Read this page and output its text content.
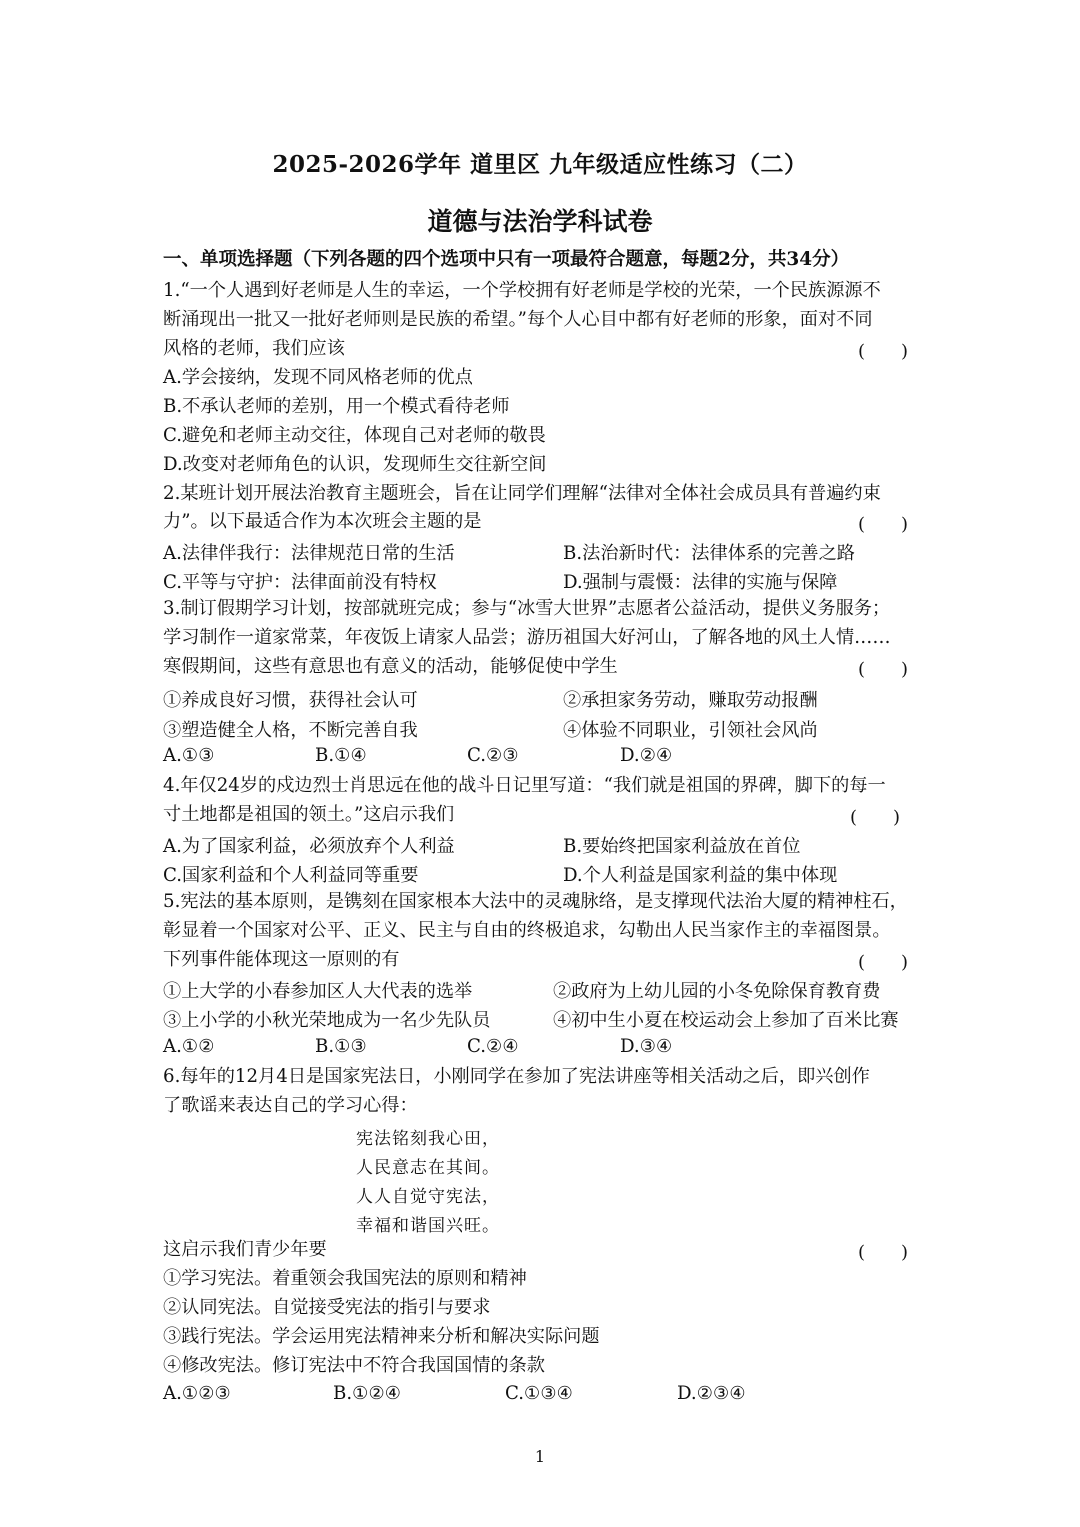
2025-2026学年 道里区 九年级适应性练习（二）
道德与法治学科试卷
一、单项选择题（下列各题的四个选项中只有一项最符合题意，每题2分，共34分）
1.“一个人遇到好老师是人生的幸运，一个学校拥有好老师是学校的光荣，一个民族源源不
断涌现出一批又一批好老师则是民族的希望。”每个人心目中都有好老师的形象，面对不同
风格的老师，我们应该	(　　)
A.学会接纳，发现不同风格老师的优点
B.不承认老师的差别，用一个模式看待老师
C.避免和老师主动交往，体现自己对老师的敬畏
D.改变对老师角色的认识，发现师生交往新空间
2.某班计划开展法治教育主题班会，旨在让同学们理解“法律对全体社会成员具有普遍约束
力”。以下最适合作为本次班会主题的是	(　　)
A.法律伴我行：法律规范日常的生活	B.法治新时代：法律体系的完善之路
C.平等与守护：法律面前没有特权	D.强制与震慑：法律的实施与保障
3.制订假期学习计划，按部就班完成；参与“冰雪大世界”志愿者公益活动，提供义务服务；
学习制作一道家常菜，年夜饭上请家人品尝；游历祖国大好河山，了解各地的风土人情……
寒假期间，这些有意思也有意义的活动，能够促使中学生	(　　)
①养成良好习惯，获得社会认可	②承担家务劳动，赚取劳动报酬
③塑造健全人格，不断完善自我	④体验不同职业，引领社会风尚
A.①③	B.①④	C.②③	D.②④
4.年仅24岁的戍边烈士肖思远在他的战斗日记里写道：“我们就是祖国的界碑，脚下的每一
寸土地都是祖国的领土。”这启示我们	(　　)
A.为了国家利益，必须放弃个人利益	B.要始终把国家利益放在首位
C.国家利益和个人利益同等重要	D.个人利益是国家利益的集中体现
5.宪法的基本原则，是镌刻在国家根本大法中的灵魂脉络，是支撑现代法治大厦的精神柱石，
彰显着一个国家对公平、正义、民主与自由的终极追求，勾勒出人民当家作主的幸福图景。
下列事件能体现这一原则的有	(　　)
①上大学的小春参加区人大代表的选举	②政府为上幼儿园的小冬免除保育教育费
③上小学的小秋光荣地成为一名少先队员	④初中生小夏在校运动会上参加了百米比赛
A.①②	B.①③	C.②④	D.③④
6.每年的12月4日是国家宪法日，小刚同学在参加了宪法讲座等相关活动之后，即兴创作
了歌谣来表达自己的学习心得：
宪法铭刻我心田，
人民意志在其间。
人人自觉守宪法，
幸福和谐国兴旺。
这启示我们青少年要	(　　)
①学习宪法。着重领会我国宪法的原则和精神
②认同宪法。自觉接受宪法的指引与要求
③践行宪法。学会运用宪法精神来分析和解决实际问题
④修改宪法。修订宪法中不符合我国国情的条款
A.①②③	B.①②④	C.①③④	D.②③④
1
